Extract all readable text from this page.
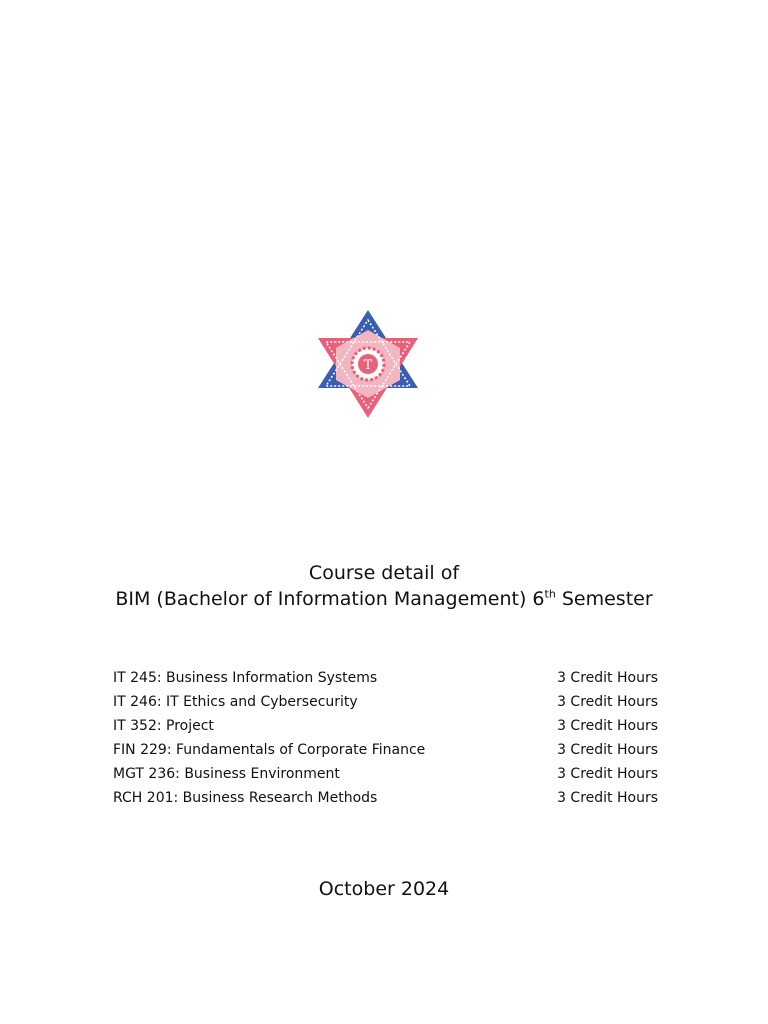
T
Course detail of
BIM (Bachelor of Information Management) 6th Semester
IT 245: Business Information Systems	3 Credit Hours
IT 246: IT Ethics and Cybersecurity	3 Credit Hours
IT 352: Project	3 Credit Hours
FIN 229: Fundamentals of Corporate Finance	3 Credit Hours
MGT 236: Business Environment	3 Credit Hours
RCH 201: Business Research Methods	3 Credit Hours
October 2024
